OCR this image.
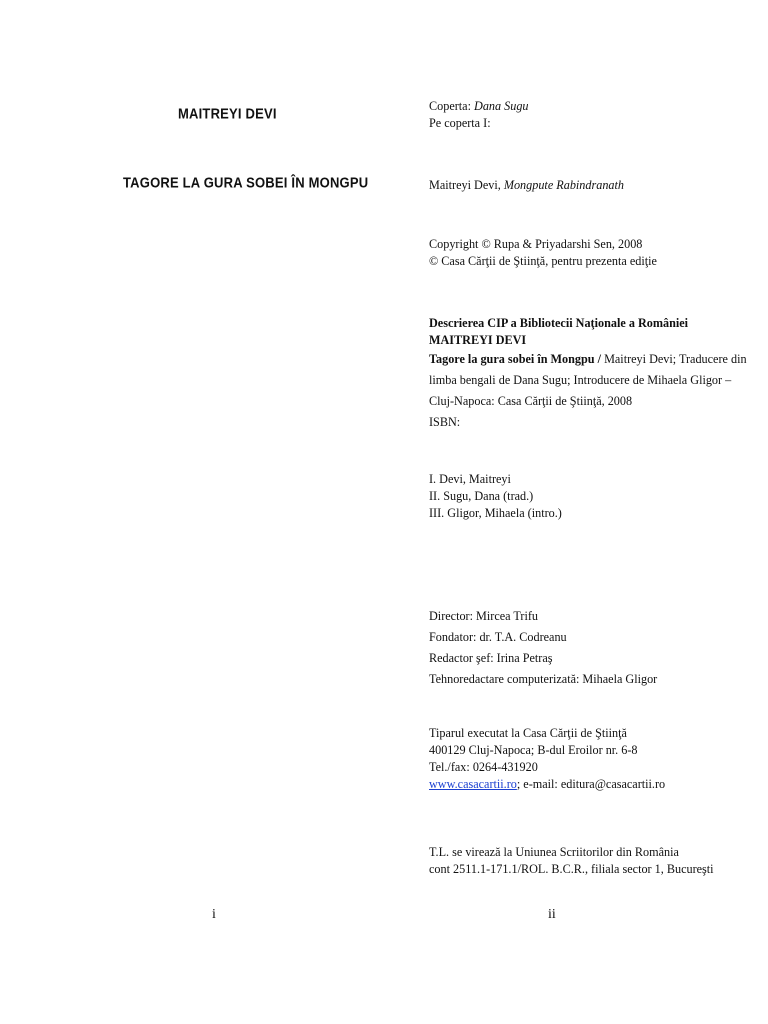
MAITREYI DEVI
TAGORE LA GURA SOBEI ÎN MONGPU
i
Coperta: Dana Sugu
Pe coperta I:
Maitreyi Devi, Mongpute Rabindranath
Copyright © Rupa & Priyadarshi Sen, 2008
© Casa Cărţii de Ştiinţă, pentru prezenta ediţie
Descrierea CIP a Bibliotecii Naţionale a României
MAITREYI DEVI
Tagore la gura sobei în Mongpu / Maitreyi Devi; Traducere din
limba bengali de Dana Sugu; Introducere de Mihaela Gligor –
Cluj-Napoca: Casa Cărţii de Ştiinţă, 2008
ISBN:
I. Devi, Maitreyi
II. Sugu, Dana (trad.)
III. Gligor, Mihaela (intro.)
Director: Mircea Trifu
Fondator: dr. T.A. Codreanu
Redactor şef: Irina Petraş
Tehnoredactare computerizată: Mihaela Gligor
Tiparul executat la Casa Cărţii de Ştiinţă
400129 Cluj-Napoca; B-dul Eroilor nr. 6-8
Tel./fax: 0264-431920
www.casacartii.ro; e-mail: editura@casacartii.ro
T.L. se virează la Uniunea Scriitorilor din România
cont 2511.1-171.1/ROL. B.C.R., filiala sector 1, Bucureşti
ii
